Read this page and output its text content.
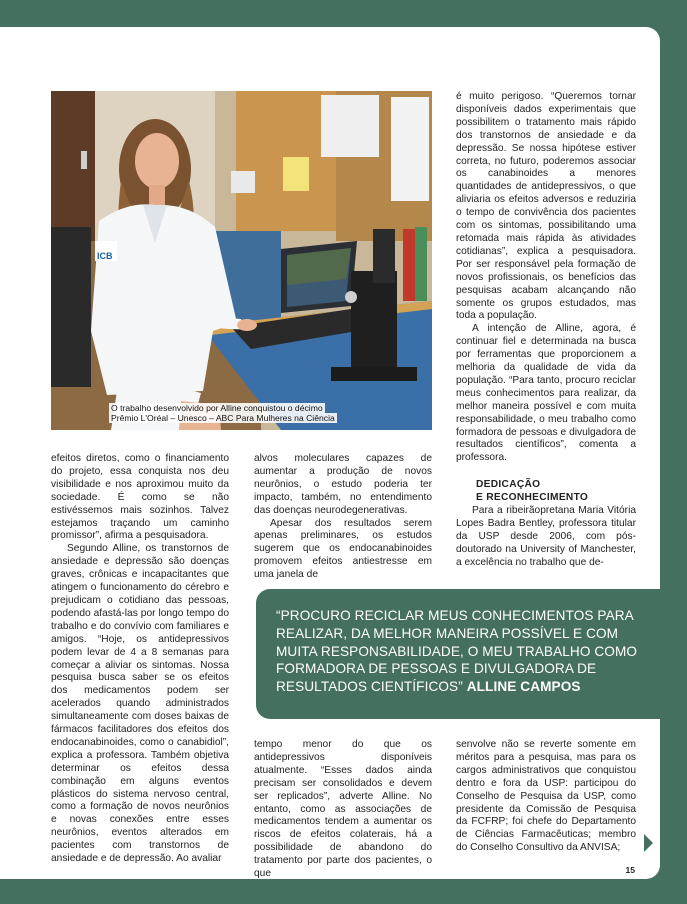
ICB
O trabalho desenvolvido por Alline conquistou o décimo
Prêmio L'Oréal – Unesco – ABC Para Mulheres na Ciência

efeitos diretos, como o financiamento do projeto, essa conquista nos deu visibilidade e nos aproximou muito da sociedade. É como se não estivéssemos mais sozinhos. Talvez estejamos traçando um caminho promissor”, afirma a pesquisadora.

Segundo Alline, os transtornos de ansiedade e depressão são doenças graves, crônicas e incapacitantes que atingem o funcionamento do cérebro e prejudicam o cotidiano das pessoas, podendo afastá-las por longo tempo do trabalho e do convívio com familiares e amigos. “Hoje, os antidepressivos podem levar de 4 a 8 semanas para começar a aliviar os sintomas. Nossa pesquisa busca saber se os efeitos dos medicamentos podem ser acelerados quando administrados simultaneamente com doses baixas de fármacos facilitadores dos efeitos dos endocanabinoides, como o canabidiol”, explica a professora. Também objetiva determinar os efeitos dessa combinação em alguns eventos plásticos do sistema nervoso central, como a formação de novos neurônios e novas conexões entre esses neurônios, eventos alterados em pacientes com transtornos de ansiedade e de depressão. Ao avaliar

alvos moleculares capazes de aumentar a produção de novos neurônios, o estudo poderia ter impacto, também, no entendimento das doenças neurodegenerativas.

Apesar dos resultados serem apenas preliminares, os estudos sugerem que os endocanabinoides promovem efeitos antiestresse em uma janela de

tempo menor do que os antidepressivos disponíveis atualmente. “Esses dados ainda precisam ser consolidados e devem ser replicados”, adverte Alline. No entanto, como as associações de medicamentos tendem a aumentar os riscos de efeitos colaterais, há a possibilidade de abandono do tratamento por parte dos pacientes, o que

é muito perigoso. “Queremos tornar disponíveis dados experimentais que possibilitem o tratamento mais rápido dos transtornos de ansiedade e da depressão. Se nossa hipótese estiver correta, no futuro, poderemos associar os canabinoides a menores quantidades de antidepressivos, o que aliviaria os efeitos adversos e reduziria o tempo de convivência dos pacientes com os sintomas, possibilitando uma retomada mais rápida às atividades cotidianas”, explica a pesquisadora. Por ser responsável pela formação de novos profissionais, os benefícios das pesquisas acabam alcançando não somente os grupos estudados, mas toda a população.

A intenção de Alline, agora, é continuar fiel e determinada na busca por ferramentas que proporcionem a melhoria da qualidade de vida da população. “Para tanto, procuro reciclar meus conhecimentos para realizar, da melhor maneira possível e com muita responsabilidade, o meu trabalho como formadora de pessoas e divulgadora de resultados científicos”, comenta a professora.

DEDICAÇÃO
E RECONHECIMENTO

Para a ribeirãopretana Maria Vitória Lopes Badra Bentley, professora titular da USP desde 2006, com pós-doutorado na University of Manchester, a excelência no trabalho que de-

senvolve não se reverte somente em méritos para a pesquisa, mas para os cargos administrativos que conquistou dentro e fora da USP: participou do Conselho de Pesquisa da USP, como presidente da Comissão de Pesquisa da FCFRP; foi chefe do Departamento de Ciências Farmacêuticas; membro do Conselho Consultivo da ANVISA;

“PROCURO RECICLAR MEUS CONHECIMENTOS PARA REALIZAR, DA MELHOR MANEIRA POSSÍVEL E COM MUITA RESPONSABILIDADE, O MEU TRABALHO COMO FORMADORA DE PESSOAS E DIVULGADORA DE RESULTADOS CIENTÍFICOS” ALLINE CAMPOS

15
